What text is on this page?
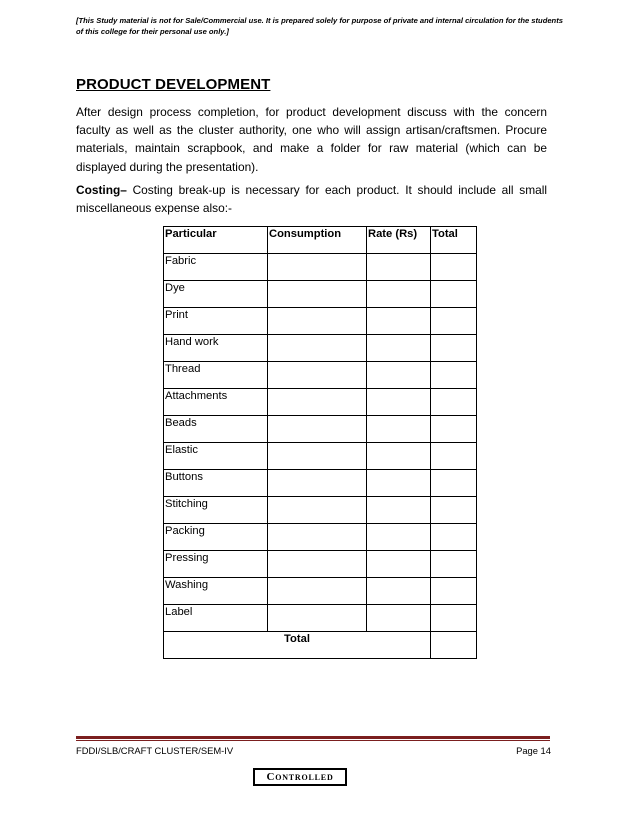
[This Study material is not for Sale/Commercial use. It is prepared solely for purpose of private and internal circulation for the students of this college for their personal use only.]
PRODUCT DEVELOPMENT
After design process completion, for product development discuss with the concern faculty as well as the cluster authority, one who will assign artisan/craftsmen. Procure materials, maintain scrapbook, and make a folder for raw material (which can be displayed during the presentation).
Costing– Costing break-up is necessary for each product. It should include all small miscellaneous expense also:-
Particular	Consumption	Rate (Rs)	Total
Fabric			
Dye			
Print			
Hand work			
Thread			
Attachments			
Beads			
Elastic			
Buttons			
Stitching			
Packing			
Pressing			
Washing			
Label			
Total			
FDDI/SLB/CRAFT CLUSTER/SEM-IV	Page 14
Controlled
